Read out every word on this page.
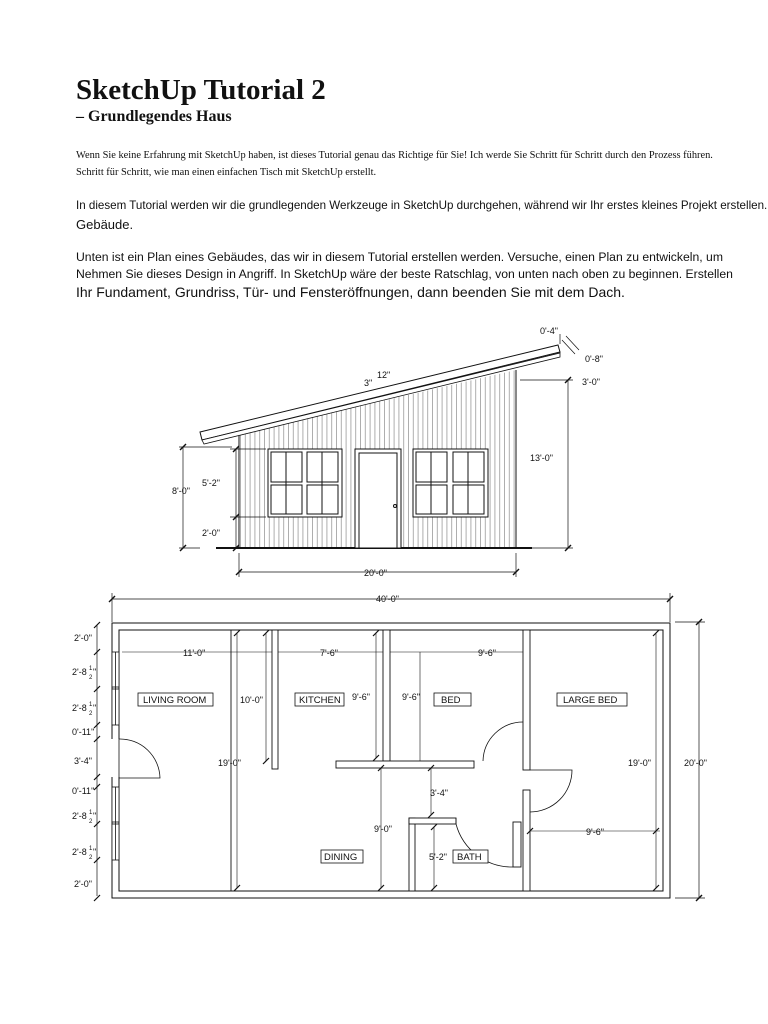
SketchUp Tutorial 2
– Grundlegendes Haus

Wenn Sie keine Erfahrung mit SketchUp haben, ist dieses Tutorial genau das Richtige für Sie! Ich werde Sie Schritt für Schritt durch den Prozess führen.

Schritt für Schritt, wie man einen einfachen Tisch mit SketchUp erstellt.

In diesem Tutorial werden wir die grundlegenden Werkzeuge in SketchUp durchgehen, während wir Ihr erstes kleines Projekt erstellen.

Gebäude.

Unten ist ein Plan eines Gebäudes, das wir in diesem Tutorial erstellen werden. Versuche, einen Plan zu entwickeln, um

Nehmen Sie dieses Design in Angriff. In SketchUp wäre der beste Ratschlag, von unten nach oben zu beginnen. Erstellen

Ihr Fundament, Grundriss, Tür- und Fensteröffnungen, dann beenden Sie mit dem Dach.

0'-4"
0'-8"
3'-0"
12"
3"
13'-0"
8'-0"
5'-2"
2'-0"
20'-0"
40'-0"
20'-0"
11'-0"	7'-6"	9'-6"
10'-0"
19'-0"
9'-6"	9'-6"
3'-4"
9'-0"
5'-2"
19'-0"
9'-6"
LIVING ROOM	KITCHEN	BED	LARGE BED
DINING	BATH
2'-0"
2'-8 1
2
"
2'-8 1
2
"
0'-11"
3'-4"
0'-11"
2'-8 1
2
"
2'-8 1
2
"
2'-0"
